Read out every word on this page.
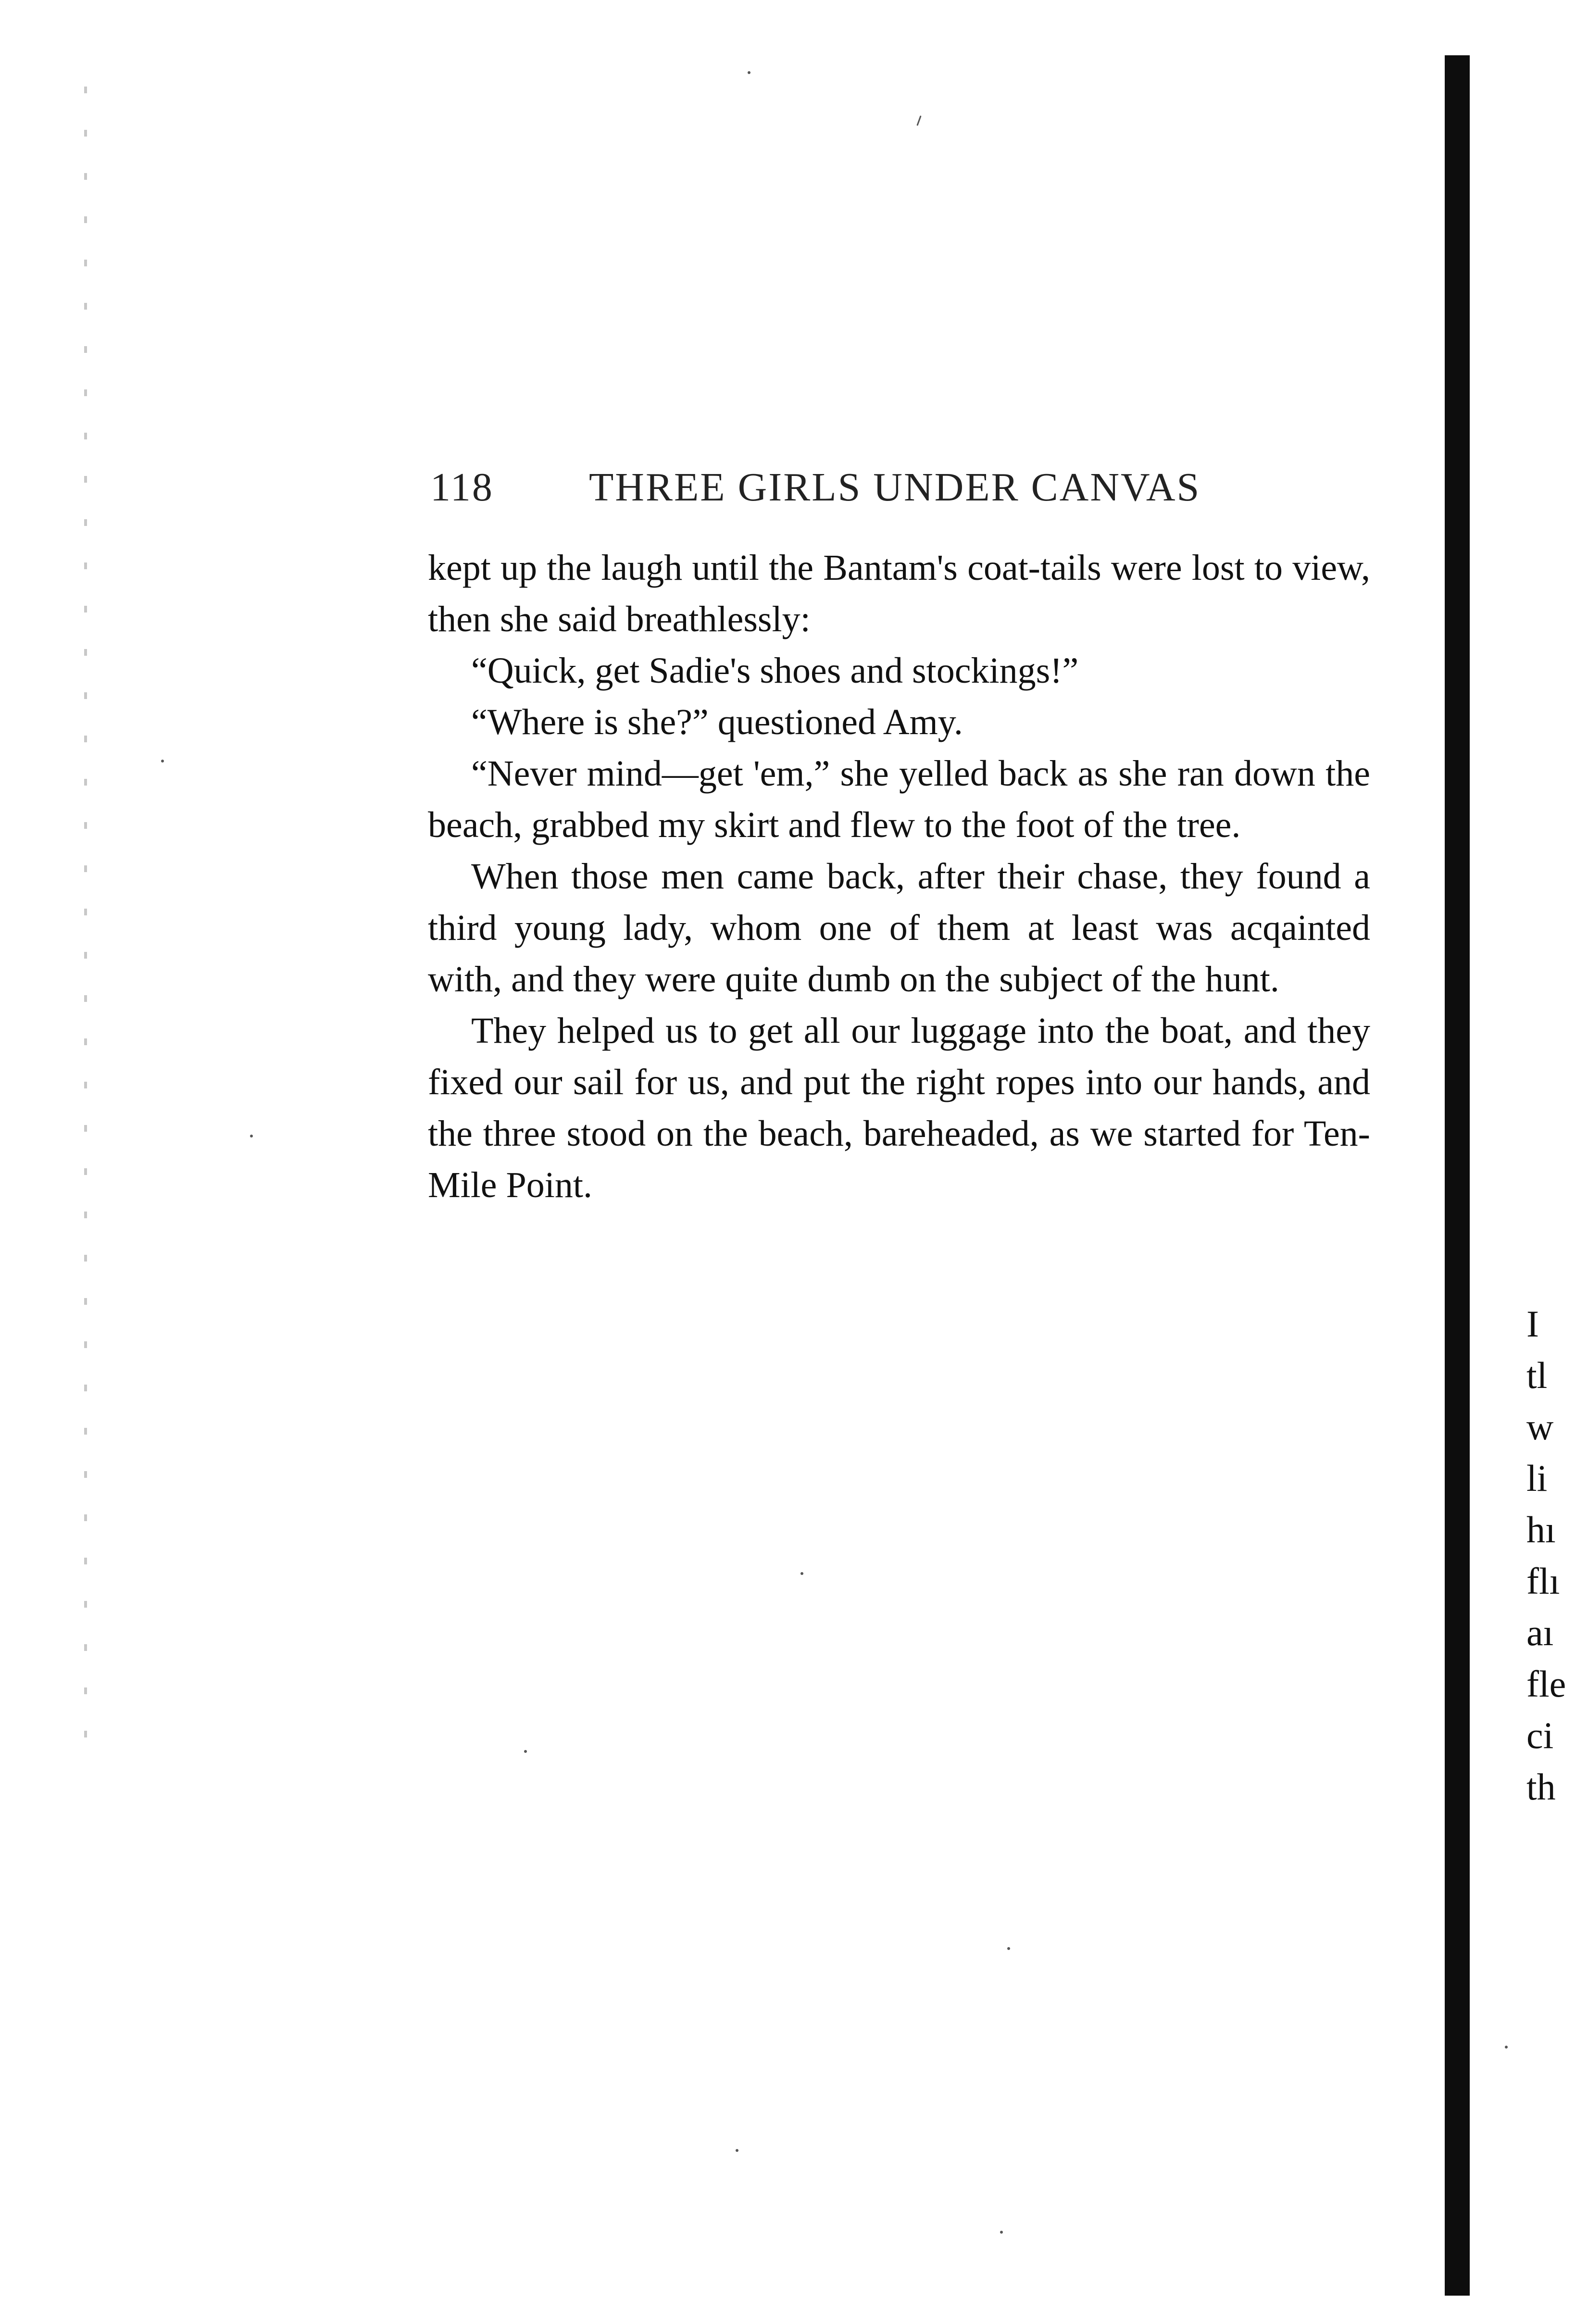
118 THREE GIRLS UNDER CANVAS

kept up the laugh until the Bantam's coat-tails were lost to view, then she said breathlessly:

“Quick, get Sadie's shoes and stockings!”

“Where is she?” questioned Amy.

“Never mind—get 'em,” she yelled back as she ran down the beach, grabbed my skirt and flew to the foot of the tree.

When those men came back, after their chase, they found a third young lady, whom one of them at least was acqainted with, and they were quite dumb on the subject of the hunt.

They helped us to get all our luggage into the boat, and they fixed our sail for us, and put the right ropes into our hands, and the three stood on the beach, bareheaded, as we started for Ten-Mile Point.

I
tl
w
li
hı
flı
aı
fle
ci
th
